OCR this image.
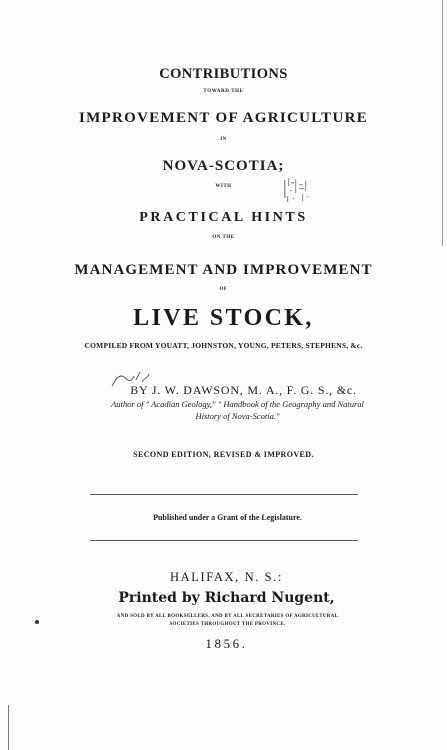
CONTRIBUTIONS
TOWARD THE
IMPROVEMENT OF AGRICULTURE
IN
NOVA-SCOTIA;
WITH
PRACTICAL HINTS
ON THE
MANAGEMENT AND IMPROVEMENT
OF
LIVE STOCK,
COMPILED FROM YOUATT, JOHNSTON, YOUNG, PETERS, STEPHENS, &c.
BY J. W. DAWSON, M. A., F. G. S., &c.
Author of " Acadian Geology," " Handbook of the Geography and Natural
History of Nova-Scotia."
SECOND EDITION, REVISED & IMPROVED.
Published under a Grant of the Legislature.
HALIFAX, N. S.:
Printed by Richard Nugent,
AND SOLD BY ALL BOOKSELLERS, AND BY ALL SECRETARIES OF AGRICULTURAL
SOCIETIES THROUGHOUT THE PROVINCE.
1856.
